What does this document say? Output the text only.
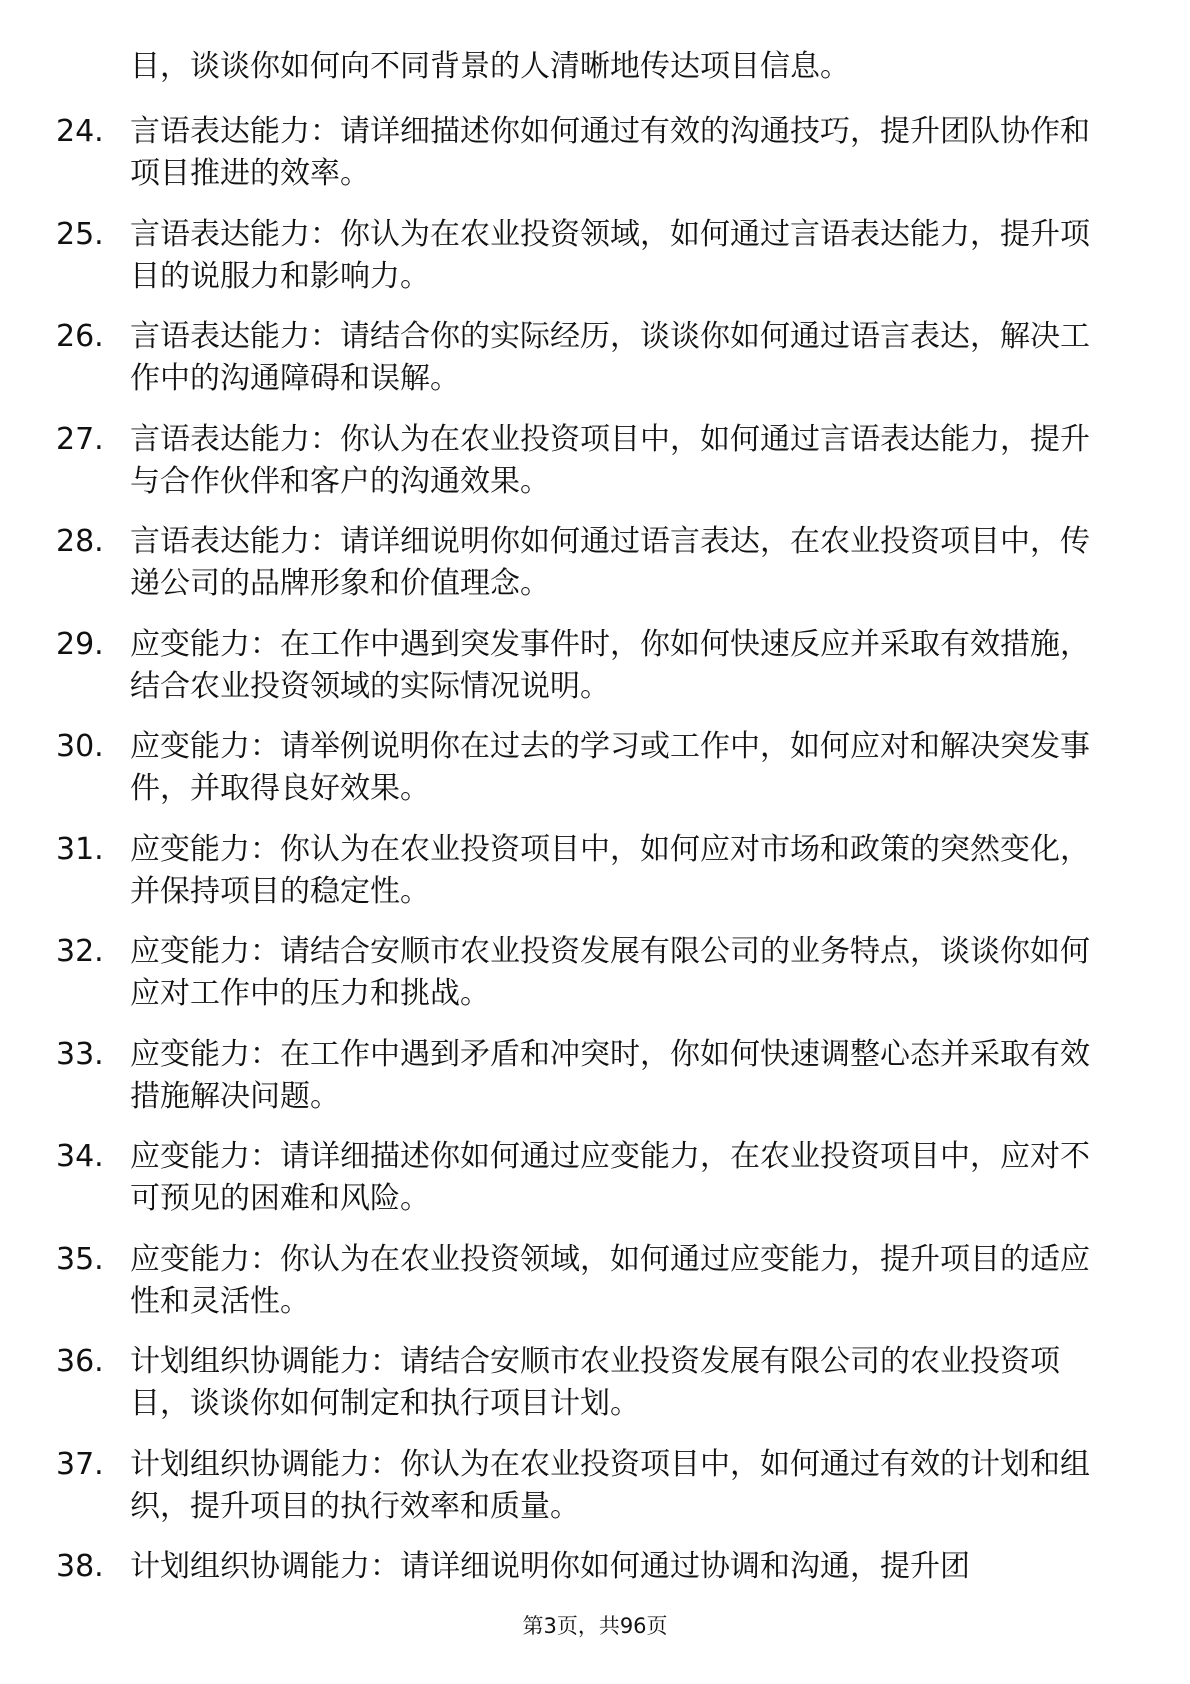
目，谈谈你如何向不同背景的人清晰地传达项目信息。
24. 言语表达能力：请详细描述你如何通过有效的沟通技巧，提升团队协作和项目推进的效率。
25. 言语表达能力：你认为在农业投资领域，如何通过言语表达能力，提升项目的说服力和影响力。
26. 言语表达能力：请结合你的实际经历，谈谈你如何通过语言表达，解决工作中的沟通障碍和误解。
27. 言语表达能力：你认为在农业投资项目中，如何通过言语表达能力，提升与合作伙伴和客户的沟通效果。
28. 言语表达能力：请详细说明你如何通过语言表达，在农业投资项目中，传递公司的品牌形象和价值理念。
29. 应变能力：在工作中遇到突发事件时，你如何快速反应并采取有效措施，结合农业投资领域的实际情况说明。
30. 应变能力：请举例说明你在过去的学习或工作中，如何应对和解决突发事件，并取得良好效果。
31. 应变能力：你认为在农业投资项目中，如何应对市场和政策的突然变化，并保持项目的稳定性。
32. 应变能力：请结合安顺市农业投资发展有限公司的业务特点，谈谈你如何应对工作中的压力和挑战。
33. 应变能力：在工作中遇到矛盾和冲突时，你如何快速调整心态并采取有效措施解决问题。
34. 应变能力：请详细描述你如何通过应变能力，在农业投资项目中，应对不可预见的困难和风险。
35. 应变能力：你认为在农业投资领域，如何通过应变能力，提升项目的适应性和灵活性。
36. 计划组织协调能力：请结合安顺市农业投资发展有限公司的农业投资项目，谈谈你如何制定和执行项目计划。
37. 计划组织协调能力：你认为在农业投资项目中，如何通过有效的计划和组织，提升项目的执行效率和质量。
38. 计划组织协调能力：请详细说明你如何通过协调和沟通，提升团
第3页，共96页
